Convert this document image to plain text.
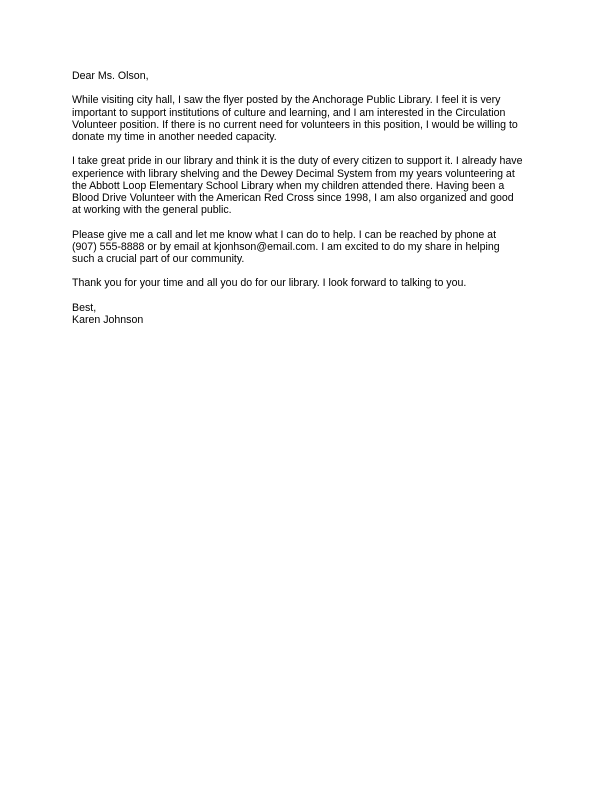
Dear Ms. Olson,

While visiting city hall, I saw the flyer posted by the Anchorage Public Library. I feel it is very
important to support institutions of culture and learning, and I am interested in the Circulation
Volunteer position. If there is no current need for volunteers in this position, I would be willing to
donate my time in another needed capacity.

I take great pride in our library and think it is the duty of every citizen to support it. I already have
experience with library shelving and the Dewey Decimal System from my years volunteering at
the Abbott Loop Elementary School Library when my children attended there. Having been a
Blood Drive Volunteer with the American Red Cross since 1998, I am also organized and good
at working with the general public.

Please give me a call and let me know what I can do to help. I can be reached by phone at
(907) 555-8888 or by email at kjonhson@email.com. I am excited to do my share in helping
such a crucial part of our community.

Thank you for your time and all you do for our library. I look forward to talking to you.

Best,
Karen Johnson
